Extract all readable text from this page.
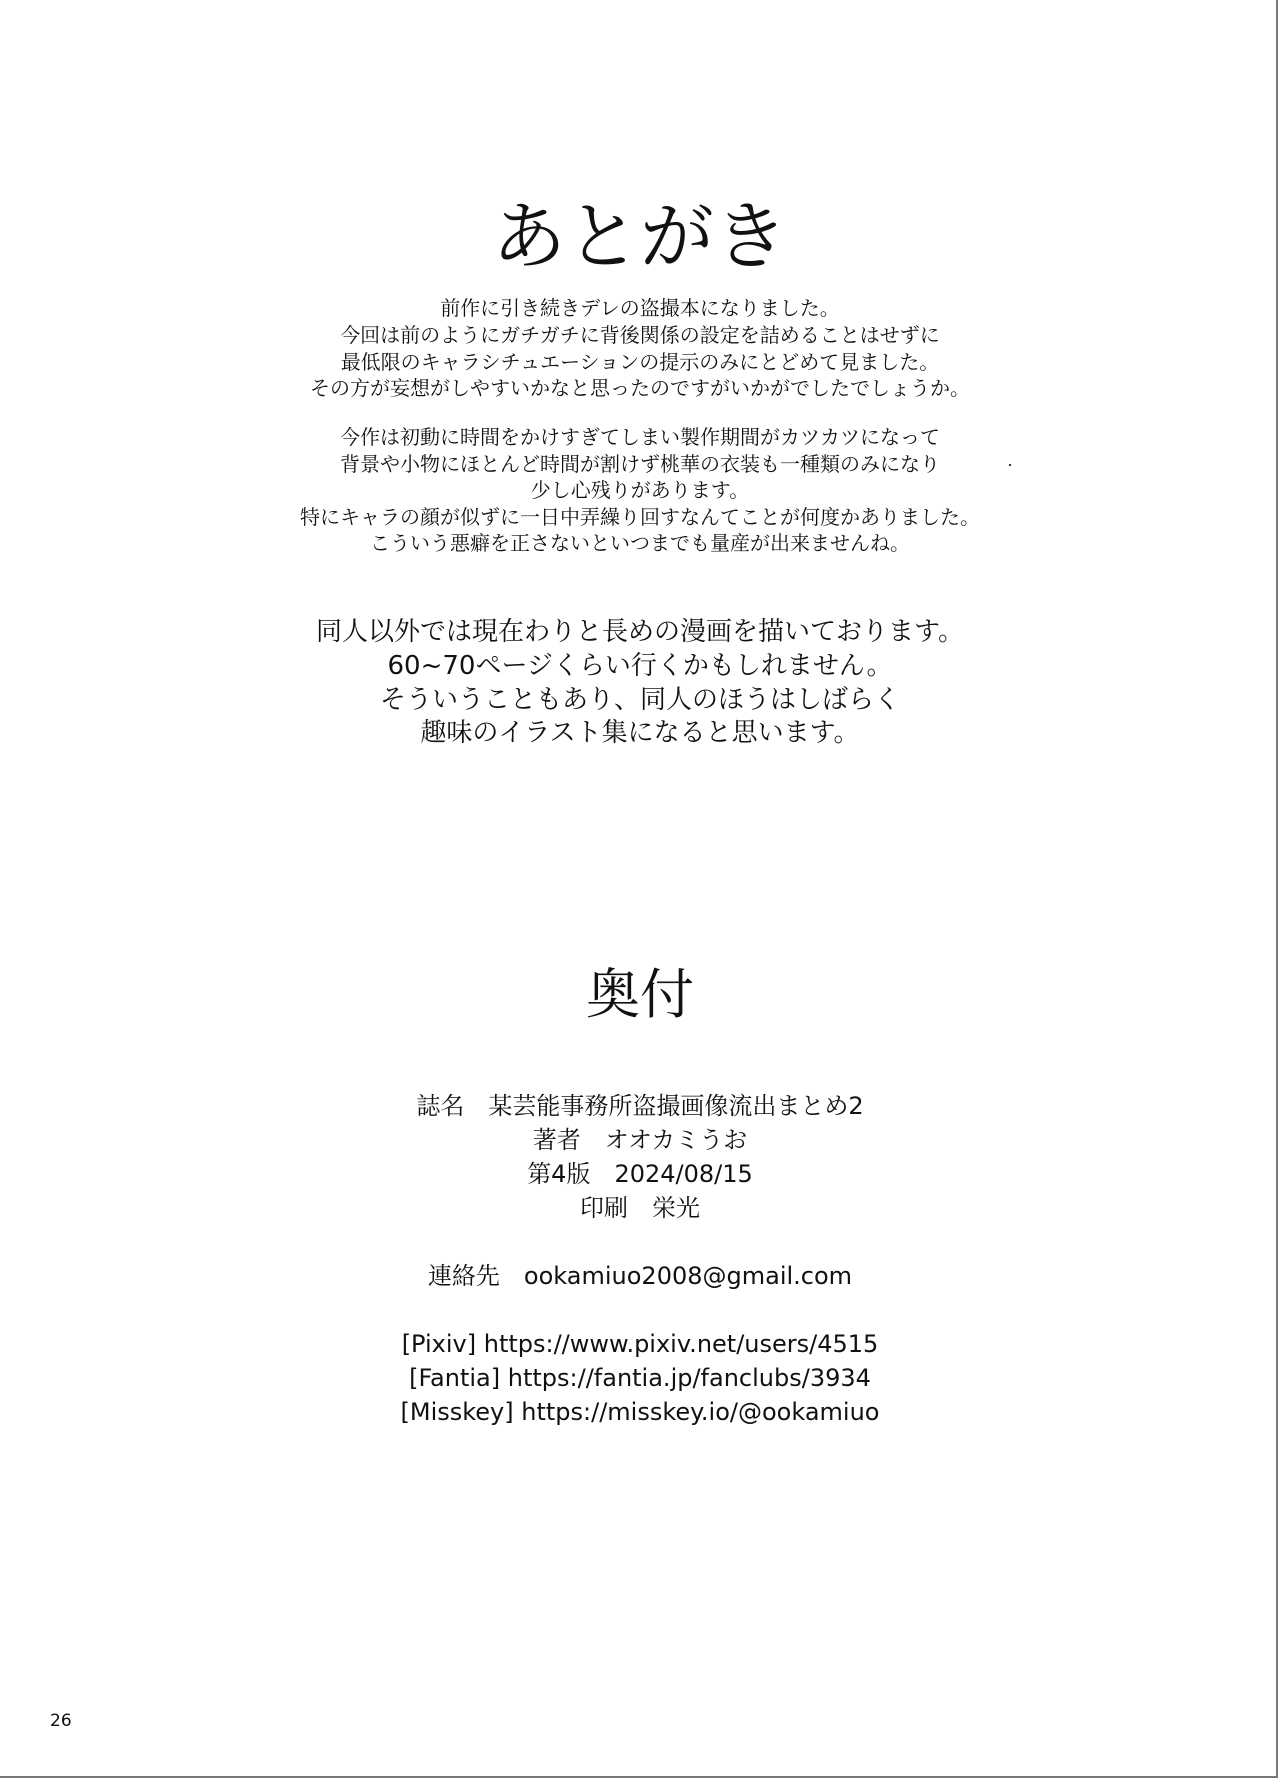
あとがき
前作に引き続きデレの盗撮本になりました。
今回は前のようにガチガチに背後関係の設定を詰めることはせずに
最低限のキャラシチュエーションの提示のみにとどめて見ました。
その方が妄想がしやすいかなと思ったのですがいかがでしたでしょうか。
今作は初動に時間をかけすぎてしまい製作期間がカツカツになって
背景や小物にほとんど時間が割けず桃華の衣装も一種類のみになり
少し心残りがあります。
特にキャラの顔が似ずに一日中弄繰り回すなんてことが何度かありました。
こういう悪癖を正さないといつまでも量産が出来ませんね。
同人以外では現在わりと長めの漫画を描いております。
60~70ページくらい行くかもしれません。
そういうこともあり、同人のほうはしばらく
趣味のイラスト集になると思います。
奥付
誌名　某芸能事務所盗撮画像流出まとめ2
著者　オオカミうお
第4版　2024/08/15
印刷　栄光
連絡先　ookamiuo2008@gmail.com
[Pixiv] https://www.pixiv.net/users/4515
[Fantia] https://fantia.jp/fanclubs/3934
[Misskey] https://misskey.io/@ookamiuo
26
